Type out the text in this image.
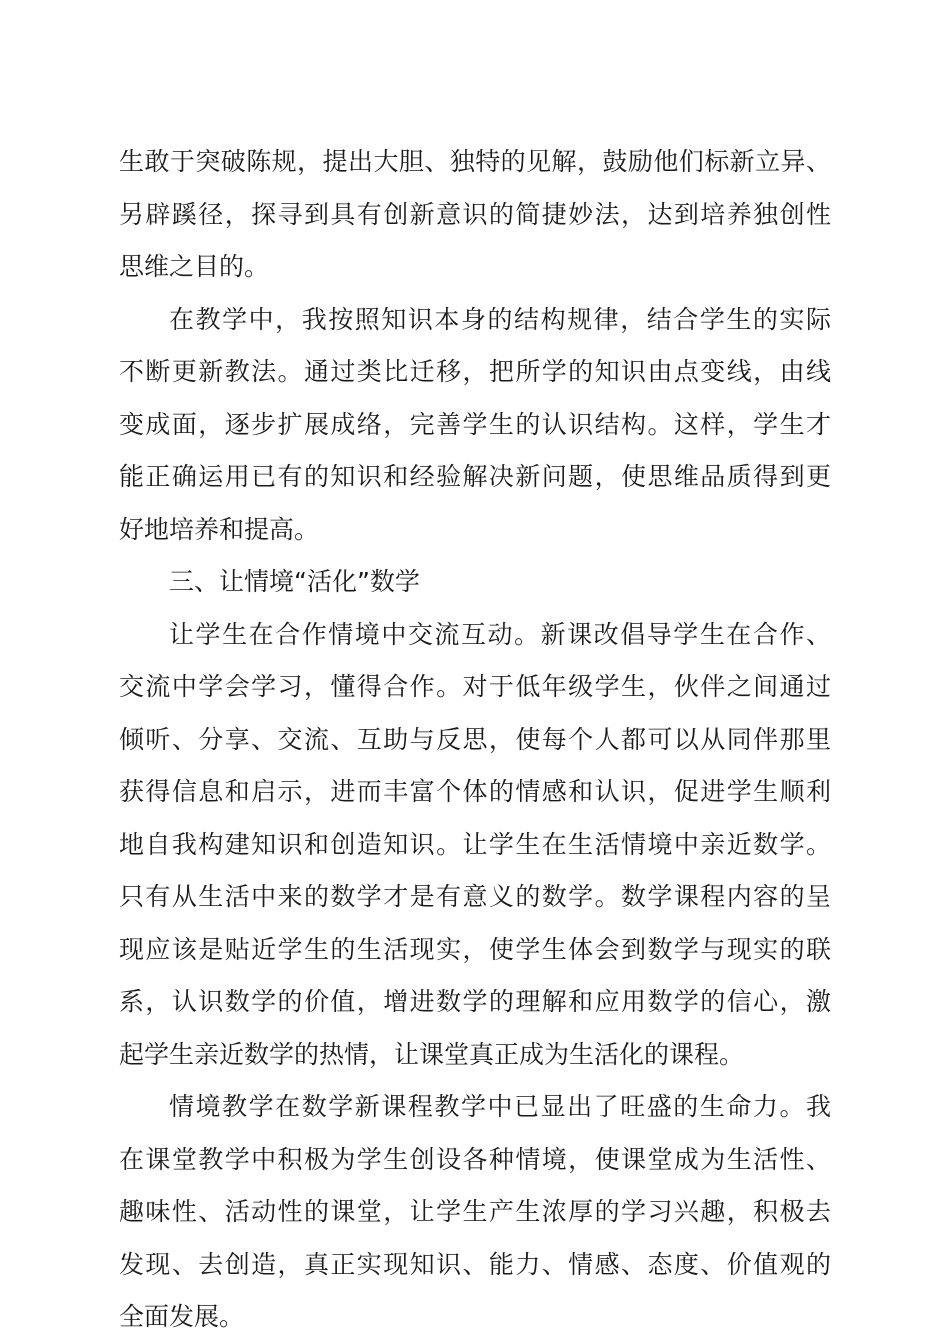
生敢于突破陈规，提出大胆、独特的见解，鼓励他们标新立异、
另辟蹊径，探寻到具有创新意识的简捷妙法，达到培养独创性
思维之目的。
在教学中，我按照知识本身的结构规律，结合学生的实际
不断更新教法。通过类比迁移，把所学的知识由点变线，由线
变成面，逐步扩展成络，完善学生的认识结构。这样，学生才
能正确运用已有的知识和经验解决新问题，使思维品质得到更
好地培养和提高。
三、让情境“活化”数学
让学生在合作情境中交流互动。新课改倡导学生在合作、
交流中学会学习，懂得合作。对于低年级学生，伙伴之间通过
倾听、分享、交流、互助与反思，使每个人都可以从同伴那里
获得信息和启示，进而丰富个体的情感和认识，促进学生顺利
地自我构建知识和创造知识。让学生在生活情境中亲近数学。
只有从生活中来的数学才是有意义的数学。数学课程内容的呈
现应该是贴近学生的生活现实，使学生体会到数学与现实的联
系，认识数学的价值，增进数学的理解和应用数学的信心，激
起学生亲近数学的热情，让课堂真正成为生活化的课程。
情境教学在数学新课程教学中已显出了旺盛的生命力。我
在课堂教学中积极为学生创设各种情境，使课堂成为生活性、
趣味性、活动性的课堂，让学生产生浓厚的学习兴趣，积极去
发现、去创造，真正实现知识、能力、情感、态度、价值观的
全面发展。
